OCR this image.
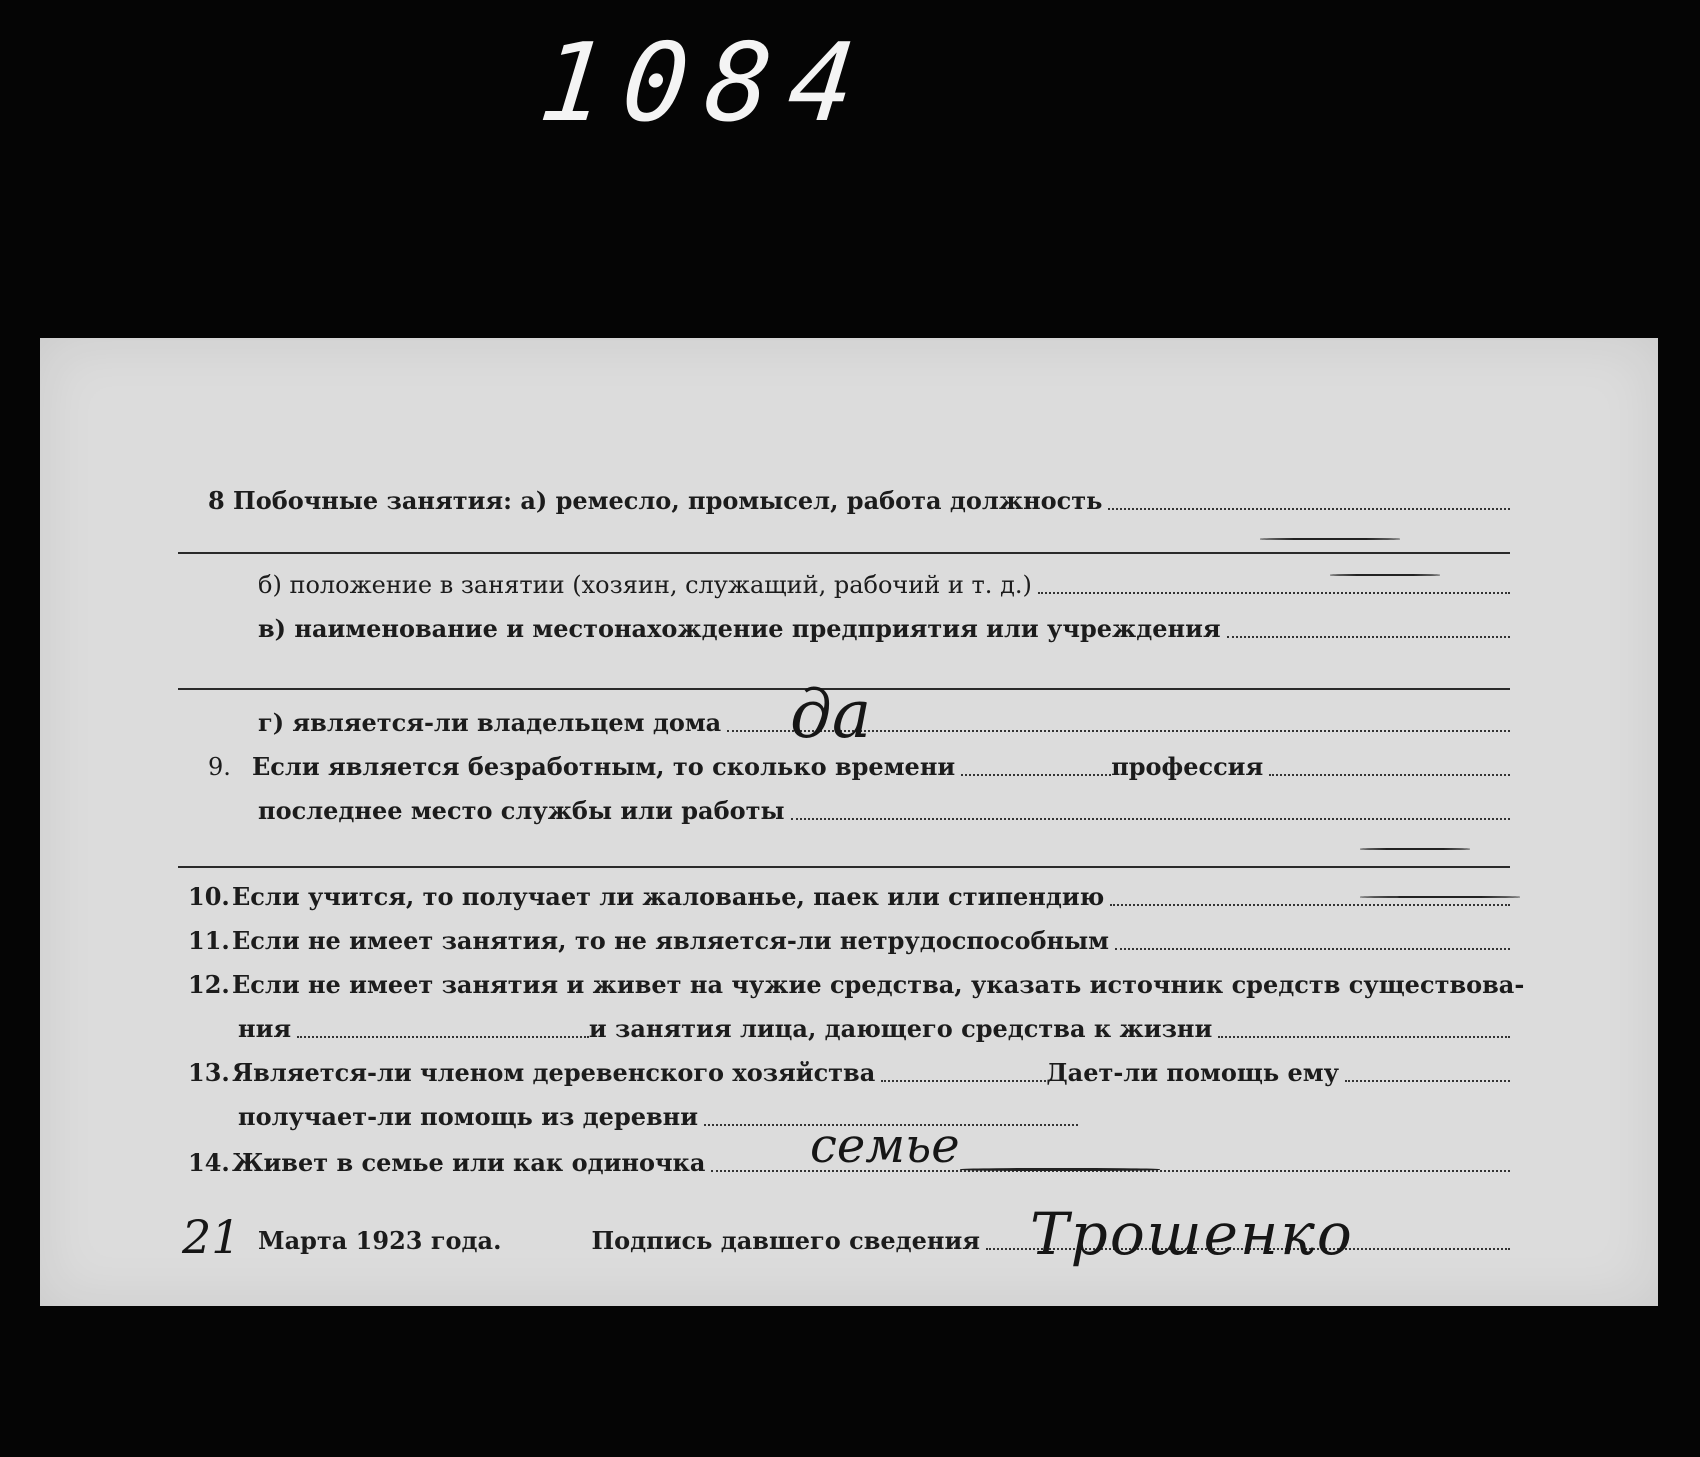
1084
8 Побочные занятия: а) ремесло, промысел, работа должность
б) положение в занятии (хозяин, служащий, рабочий и т. д.)
в) наименование и местонахождение предприятия или учреждения
г) является-ли владельцем дома да
9. Если является безработным, то сколько времени	профессия
последнее место службы или работы
10. Если учится, то получает ли жалованье, паек или стипендию
11. Если не имеет занятия, то не является-ли нетрудоспособным
12. Если не имеет занятия и живет на чужие средства, указать источник средств существова-
ния	и занятия лица, дающего средства к жизни
13. Является-ли членом деревенского хозяйства	Дает-ли помощь ему
получает-ли помощь из деревни
14. Живет в семье или как одиночка семье
21 Марта 1923 года.	Подпись давшего сведения Трошенко
